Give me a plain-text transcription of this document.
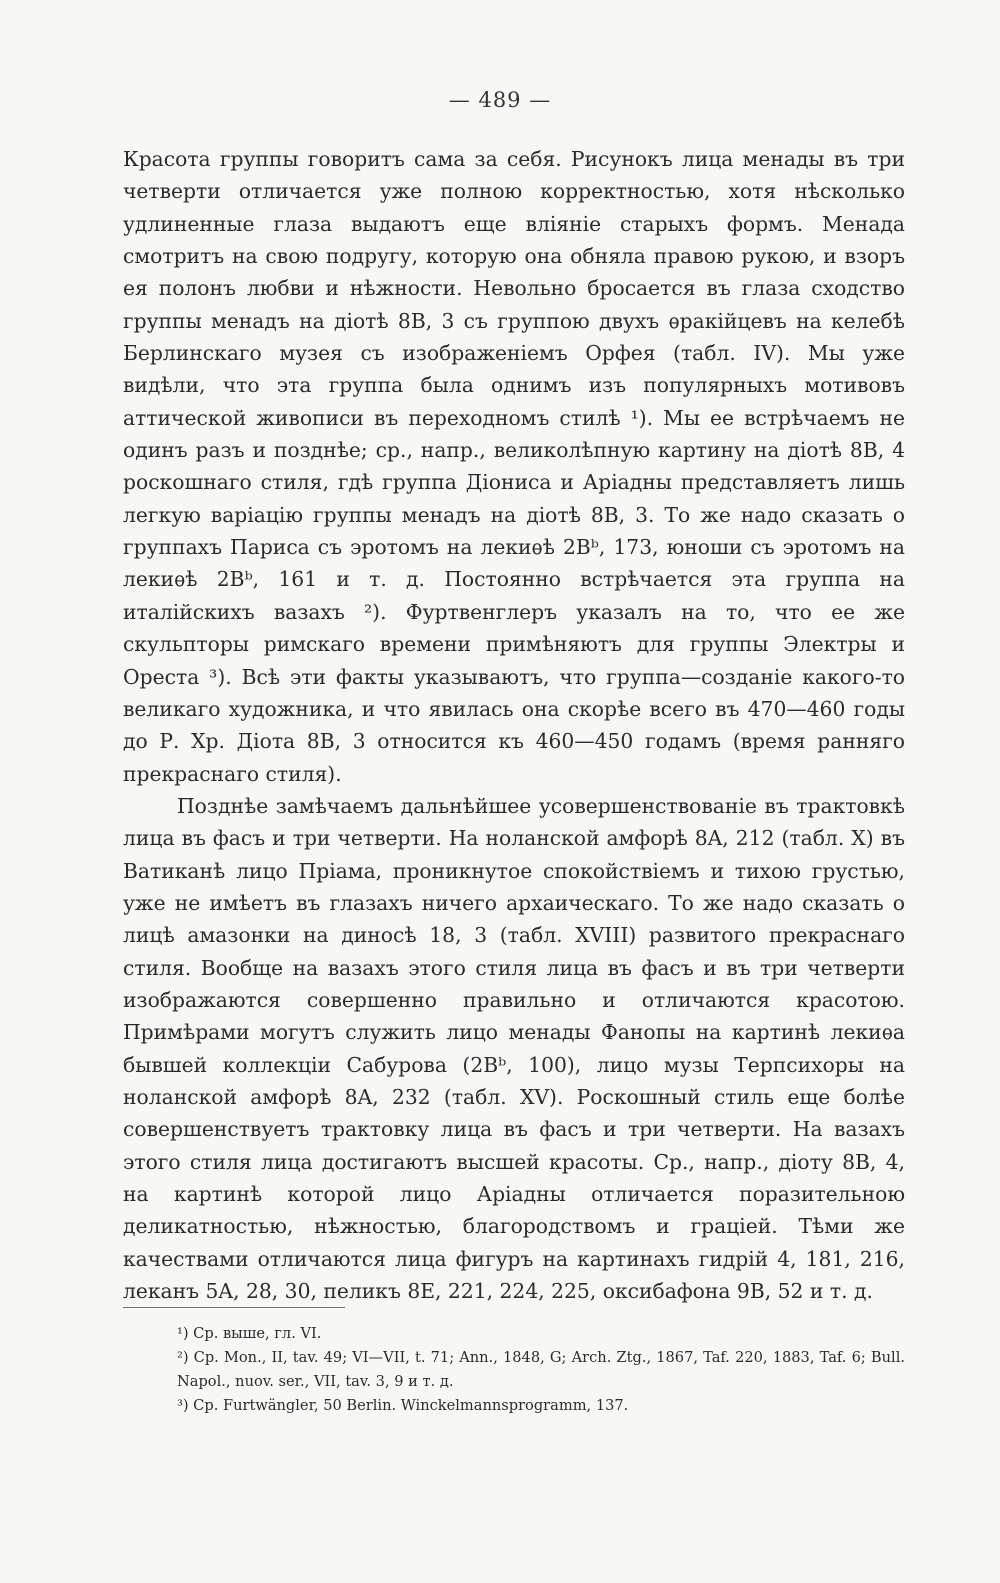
— 489 —

Красота группы говоритъ сама за себя. Рисунокъ лица менады въ три четверти отличается уже полною корректностью, хотя нѣсколько удлиненные глаза выдаютъ еще вліяніе старыхъ формъ. Менада смотритъ на свою подругу, которую она обняла правою рукою, и взоръ ея полонъ любви и нѣжности. Невольно бросается въ глаза сходство группы менадъ на діотѣ 8B, 3 съ группою двухъ ѳракійцевъ на келебѣ Берлинскаго музея съ изображеніемъ Орфея (табл. IV). Мы уже видѣли, что эта группа была однимъ изъ популярныхъ мотивовъ аттической живописи въ переходномъ стилѣ ¹). Мы ее встрѣчаемъ не одинъ разъ и позднѣе; ср., напр., великолѣпную картину на діотѣ 8B, 4 роскошнаго стиля, гдѣ группа Діониса и Аріадны представляетъ лишь легкую варіацію группы менадъ на діотѣ 8B, 3. То же надо сказать о группахъ Париса съ эротомъ на лекиѳѣ 2Bᵇ, 173, юноши съ эротомъ на лекиѳѣ 2Bᵇ, 161 и т. д. Постоянно встрѣчается эта группа на италійскихъ вазахъ ²). Фуртвенглеръ указалъ на то, что ее же скульпторы римскаго времени примѣняютъ для группы Электры и Ореста ³). Всѣ эти факты указываютъ, что группа—созданіе какого-то великаго художника, и что явилась она скорѣе всего въ 470—460 годы до Р. Хр. Діота 8B, 3 относится къ 460—450 годамъ (время ранняго прекраснаго стиля).

Позднѣе замѣчаемъ дальнѣйшее усовершенствованіе въ трактовкѣ лица въ фасъ и три четверти. На ноланской амфорѣ 8A, 212 (табл. X) въ Ватиканѣ лицо Пріама, проникнутое спокойствіемъ и тихою грустью, уже не имѣетъ въ глазахъ ничего архаическаго. То же надо сказать о лицѣ амазонки на диносѣ 18, 3 (табл. XVIII) развитого прекраснаго стиля. Вообще на вазахъ этого стиля лица въ фасъ и въ три четверти изображаются совершенно правильно и отличаются красотою. Примѣрами могутъ служить лицо менады Фанопы на картинѣ лекиѳа бывшей коллекціи Сабурова (2Bᵇ, 100), лицо музы Терпсихоры на ноланской амфорѣ 8A, 232 (табл. XV). Роскошный стиль еще болѣе совершенствуетъ трактовку лица въ фасъ и три четверти. На вазахъ этого стиля лица достигаютъ высшей красоты. Ср., напр., діоту 8B, 4, на картинѣ которой лицо Аріадны отличается поразительною деликатностью, нѣжностью, благородствомъ и граціей. Тѣми же качествами отличаются лица фигуръ на картинахъ гидрій 4, 181, 216, леканъ 5A, 28, 30, пеликъ 8E, 221, 224, 225, оксибафона 9B, 52 и т. д.

¹) Ср. выше, гл. VI.

²) Ср. Mon., II, tav. 49; VI—VII, t. 71; Ann., 1848, G; Arch. Ztg., 1867, Taf. 220, 1883, Taf. 6; Bull. Napol., nuov. ser., VII, tav. 3, 9 и т. д.

³) Ср. Furtwängler, 50 Berlin. Winckelmannsprogramm, 137.
